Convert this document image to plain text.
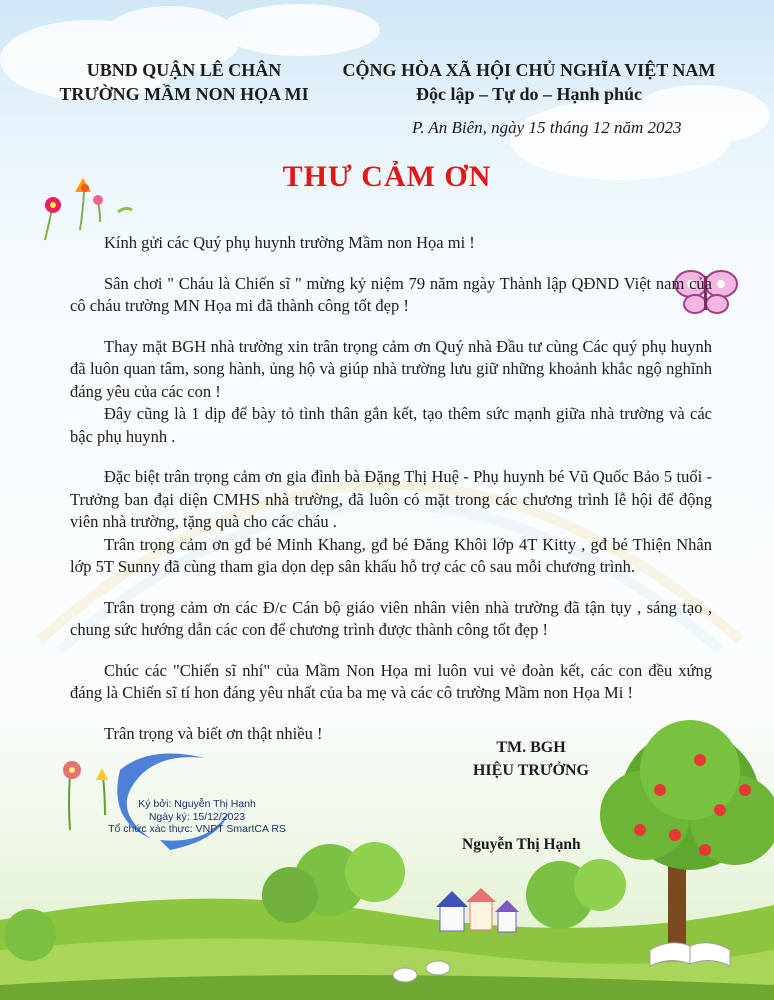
UBND QUẬN LÊ CHÂN
TRƯỜNG MẦM NON HỌA MI
CỘNG HÒA XÃ HỘI CHỦ NGHĨA VIỆT NAM
Độc lập – Tự do – Hạnh phúc
P. An Biên, ngày 15 tháng 12 năm 2023
THƯ CẢM ƠN

Kính gửi các Quý phụ huynh trường Mầm non Họa mi !

Sân chơi " Cháu là Chiến sĩ " mừng kỷ niệm 79 năm ngày Thành lập QĐND Việt nam của cô cháu trường MN Họa mi đã thành công tốt đẹp !

Thay mặt BGH nhà trường xin trân trọng cảm ơn Quý nhà Đầu tư cùng Các quý phụ huynh đã luôn quan tâm, song hành, ủng hộ và giúp nhà trường lưu giữ những khoảnh khắc ngộ nghĩnh đáng yêu của các con !

Đây cũng là 1 dịp để bày tỏ tình thân gắn kết, tạo thêm sức mạnh giữa nhà trường và các bậc phụ huynh .

Đặc biệt trân trọng cảm ơn gia đình bà Đặng Thị Huệ - Phụ huynh bé Vũ Quốc Bảo 5 tuổi - Trưởng ban đại diện CMHS nhà trường, đã luôn có mặt trong các chương trình lễ hội để động viên nhà trường, tặng quà cho các cháu .

Trân trọng cảm ơn gđ bé Minh Khang, gđ bé Đăng Khôi lớp 4T Kitty , gđ bé Thiện Nhân lớp 5T Sunny đã cùng tham gia dọn dẹp sân khấu hỗ trợ các cô sau mỗi chương trình.

Trân trọng cảm ơn các Đ/c Cán bộ giáo viên nhân viên nhà trường đã tận tụy , sáng tạo , chung sức hướng dẫn các con để chương trình được thành công tốt đẹp !

Chúc các "Chiến sĩ nhí" của Mầm Non Họa mi luôn vui vẻ đoàn kết, các con đều xứng đáng là Chiến sĩ tí hon đáng yêu nhất của ba mẹ và các cô trường Mầm non Họa Mi !

Trân trọng và biết ơn thật nhiều !

TM. BGH
HIỆU TRƯỞNG
Nguyễn Thị Hạnh
Ký bởi: Nguyễn Thị Hạnh
Ngày ký: 15/12/2023
Tổ chức xác thực: VNPT SmartCA RS
